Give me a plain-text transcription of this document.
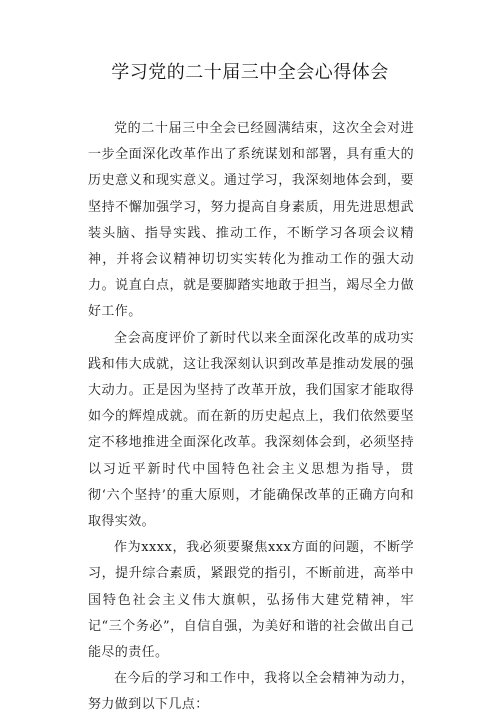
学习党的二十届三中全会心得体会

党的二十届三中全会已经圆满结束，这次全会对进一步全面深化改革作出了系统谋划和部署，具有重大的历史意义和现实意义。通过学习，我深刻地体会到，要坚持不懈加强学习，努力提高自身素质，用先进思想武装头脑、指导实践、推动工作，不断学习各项会议精神，并将会议精神切切实实转化为推动工作的强大动力。说直白点，就是要脚踏实地敢于担当，竭尽全力做好工作。

全会高度评价了新时代以来全面深化改革的成功实践和伟大成就，这让我深刻认识到改革是推动发展的强大动力。正是因为坚持了改革开放，我们国家才能取得如今的辉煌成就。而在新的历史起点上，我们依然要坚定不移地推进全面深化改革。我深刻体会到，必须坚持以习近平新时代中国特色社会主义思想为指导，贯彻‘六个坚持’的重大原则，才能确保改革的正确方向和取得实效。

作为xxxx，我必须要聚焦xxx方面的问题，不断学习，提升综合素质，紧跟党的指引，不断前进，高举中国特色社会主义伟大旗帜，弘扬伟大建党精神，牢记“三个务必”，自信自强，为美好和谐的社会做出自己能尽的责任。

在今后的学习和工作中，我将以全会精神为动力，努力做到以下几点：
